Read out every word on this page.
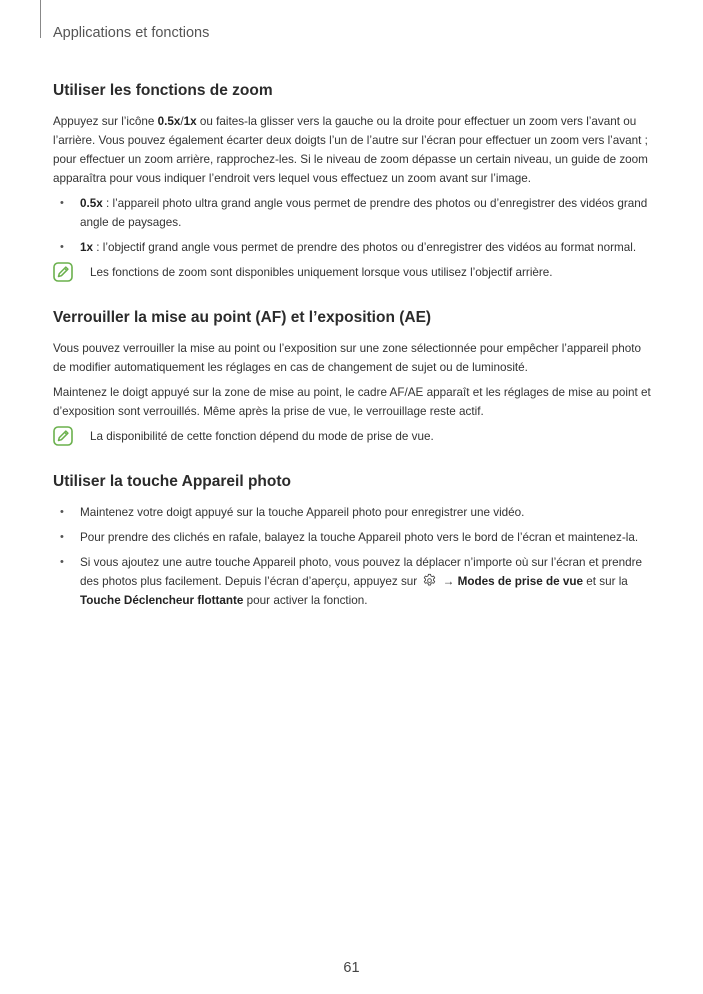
Applications et fonctions
Utiliser les fonctions de zoom

Appuyez sur l’icône 0.5x/1x ou faites-la glisser vers la gauche ou la droite pour effectuer un zoom vers l’avant ou l’arrière. Vous pouvez également écarter deux doigts l’un de l’autre sur l’écran pour effectuer un zoom vers l’avant ; pour effectuer un zoom arrière, rapprochez-les. Si le niveau de zoom dépasse un certain niveau, un guide de zoom apparaîtra pour vous indiquer l’endroit vers lequel vous effectuez un zoom avant sur l’image.

• 0.5x : l’appareil photo ultra grand angle vous permet de prendre des photos ou d’enregistrer des vidéos grand angle de paysages.
• 1x : l’objectif grand angle vous permet de prendre des photos ou d’enregistrer des vidéos au format normal.
Les fonctions de zoom sont disponibles uniquement lorsque vous utilisez l’objectif arrière.
Verrouiller la mise au point (AF) et l’exposition (AE)

Vous pouvez verrouiller la mise au point ou l’exposition sur une zone sélectionnée pour empêcher l’appareil photo de modifier automatiquement les réglages en cas de changement de sujet ou de luminosité.

Maintenez le doigt appuyé sur la zone de mise au point, le cadre AF/AE apparaît et les réglages de mise au point et d’exposition sont verrouillés. Même après la prise de vue, le verrouillage reste actif.

La disponibilité de cette fonction dépend du mode de prise de vue.
Utiliser la touche Appareil photo
• Maintenez votre doigt appuyé sur la touche Appareil photo pour enregistrer une vidéo.
• Pour prendre des clichés en rafale, balayez la touche Appareil photo vers le bord de l’écran et maintenez-la.
• Si vous ajoutez une autre touche Appareil photo, vous pouvez la déplacer n’importe où sur l’écran et prendre des photos plus facilement. Depuis l’écran d’aperçu, appuyez sur  → Modes de prise de vue et sur la Touche Déclencheur flottante pour activer la fonction.
61
